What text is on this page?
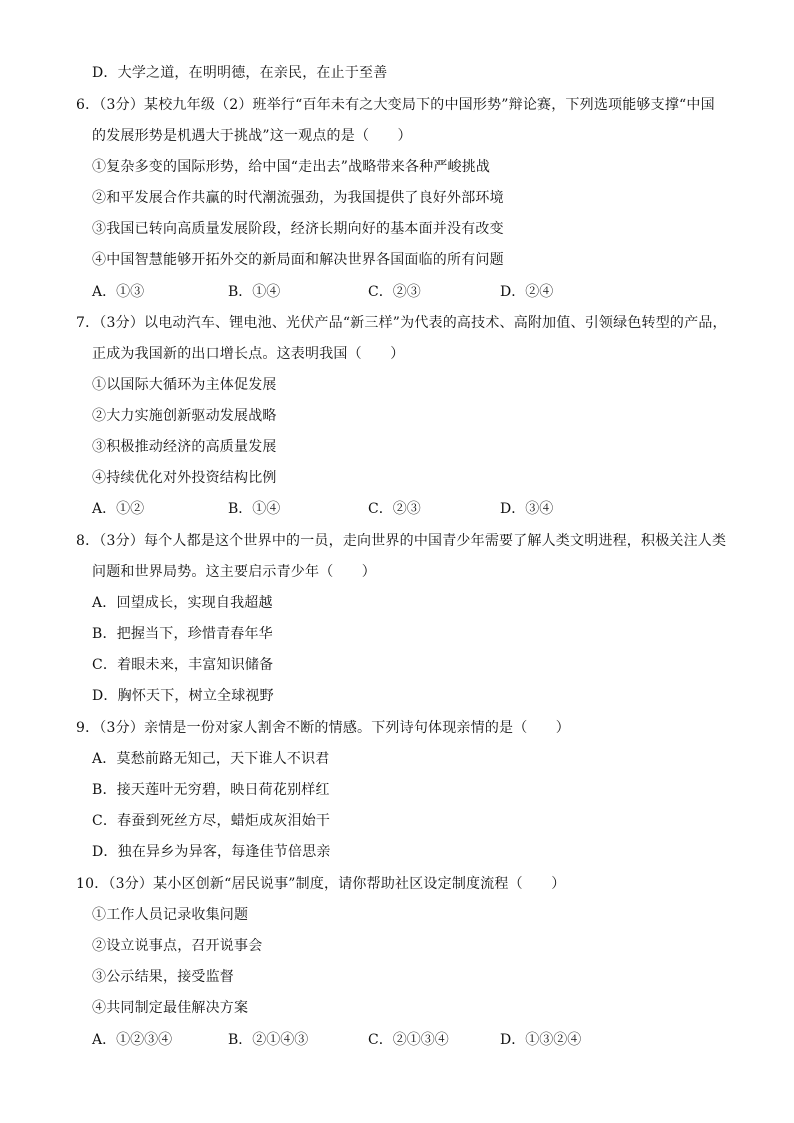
D．大学之道，在明明德，在亲民，在止于至善
6．（3分）某校九年级（2）班举行“百年未有之大变局下的中国形势”辩论赛，下列选项能够支撑“中国
的发展形势是机遇大于挑战”这一观点的是（　　）
①复杂多变的国际形势，给中国“走出去”战略带来各种严峻挑战
②和平发展合作共赢的时代潮流强劲，为我国提供了良好外部环境
③我国已转向高质量发展阶段，经济长期向好的基本面并没有改变
④中国智慧能够开拓外交的新局面和解决世界各国面临的所有问题
A．①③	B．①④	C．②③	D．②④
7．（3分）以电动汽车、锂电池、光伏产品“新三样”为代表的高技术、高附加值、引领绿色转型的产品，
正成为我国新的出口增长点。这表明我国（　　）
①以国际大循环为主体促发展
②大力实施创新驱动发展战略
③积极推动经济的高质量发展
④持续优化对外投资结构比例
A．①②	B．①④	C．②③	D．③④
8．（3分）每个人都是这个世界中的一员，走向世界的中国青少年需要了解人类文明进程，积极关注人类
问题和世界局势。这主要启示青少年（　　）
A．回望成长，实现自我超越
B．把握当下，珍惜青春年华
C．着眼未来，丰富知识储备
D．胸怀天下，树立全球视野
9．（3分）亲情是一份对家人割舍不断的情感。下列诗句体现亲情的是（　　）
A．莫愁前路无知己，天下谁人不识君
B．接天莲叶无穷碧，映日荷花别样红
C．春蚕到死丝方尽，蜡炬成灰泪始干
D．独在异乡为异客，每逢佳节倍思亲
10．（3分）某小区创新“居民说事”制度，请你帮助社区设定制度流程（　　）
①工作人员记录收集问题
②设立说事点，召开说事会
③公示结果，接受监督
④共同制定最佳解决方案
A．①②③④	B．②①④③	C．②①③④	D．①③②④
